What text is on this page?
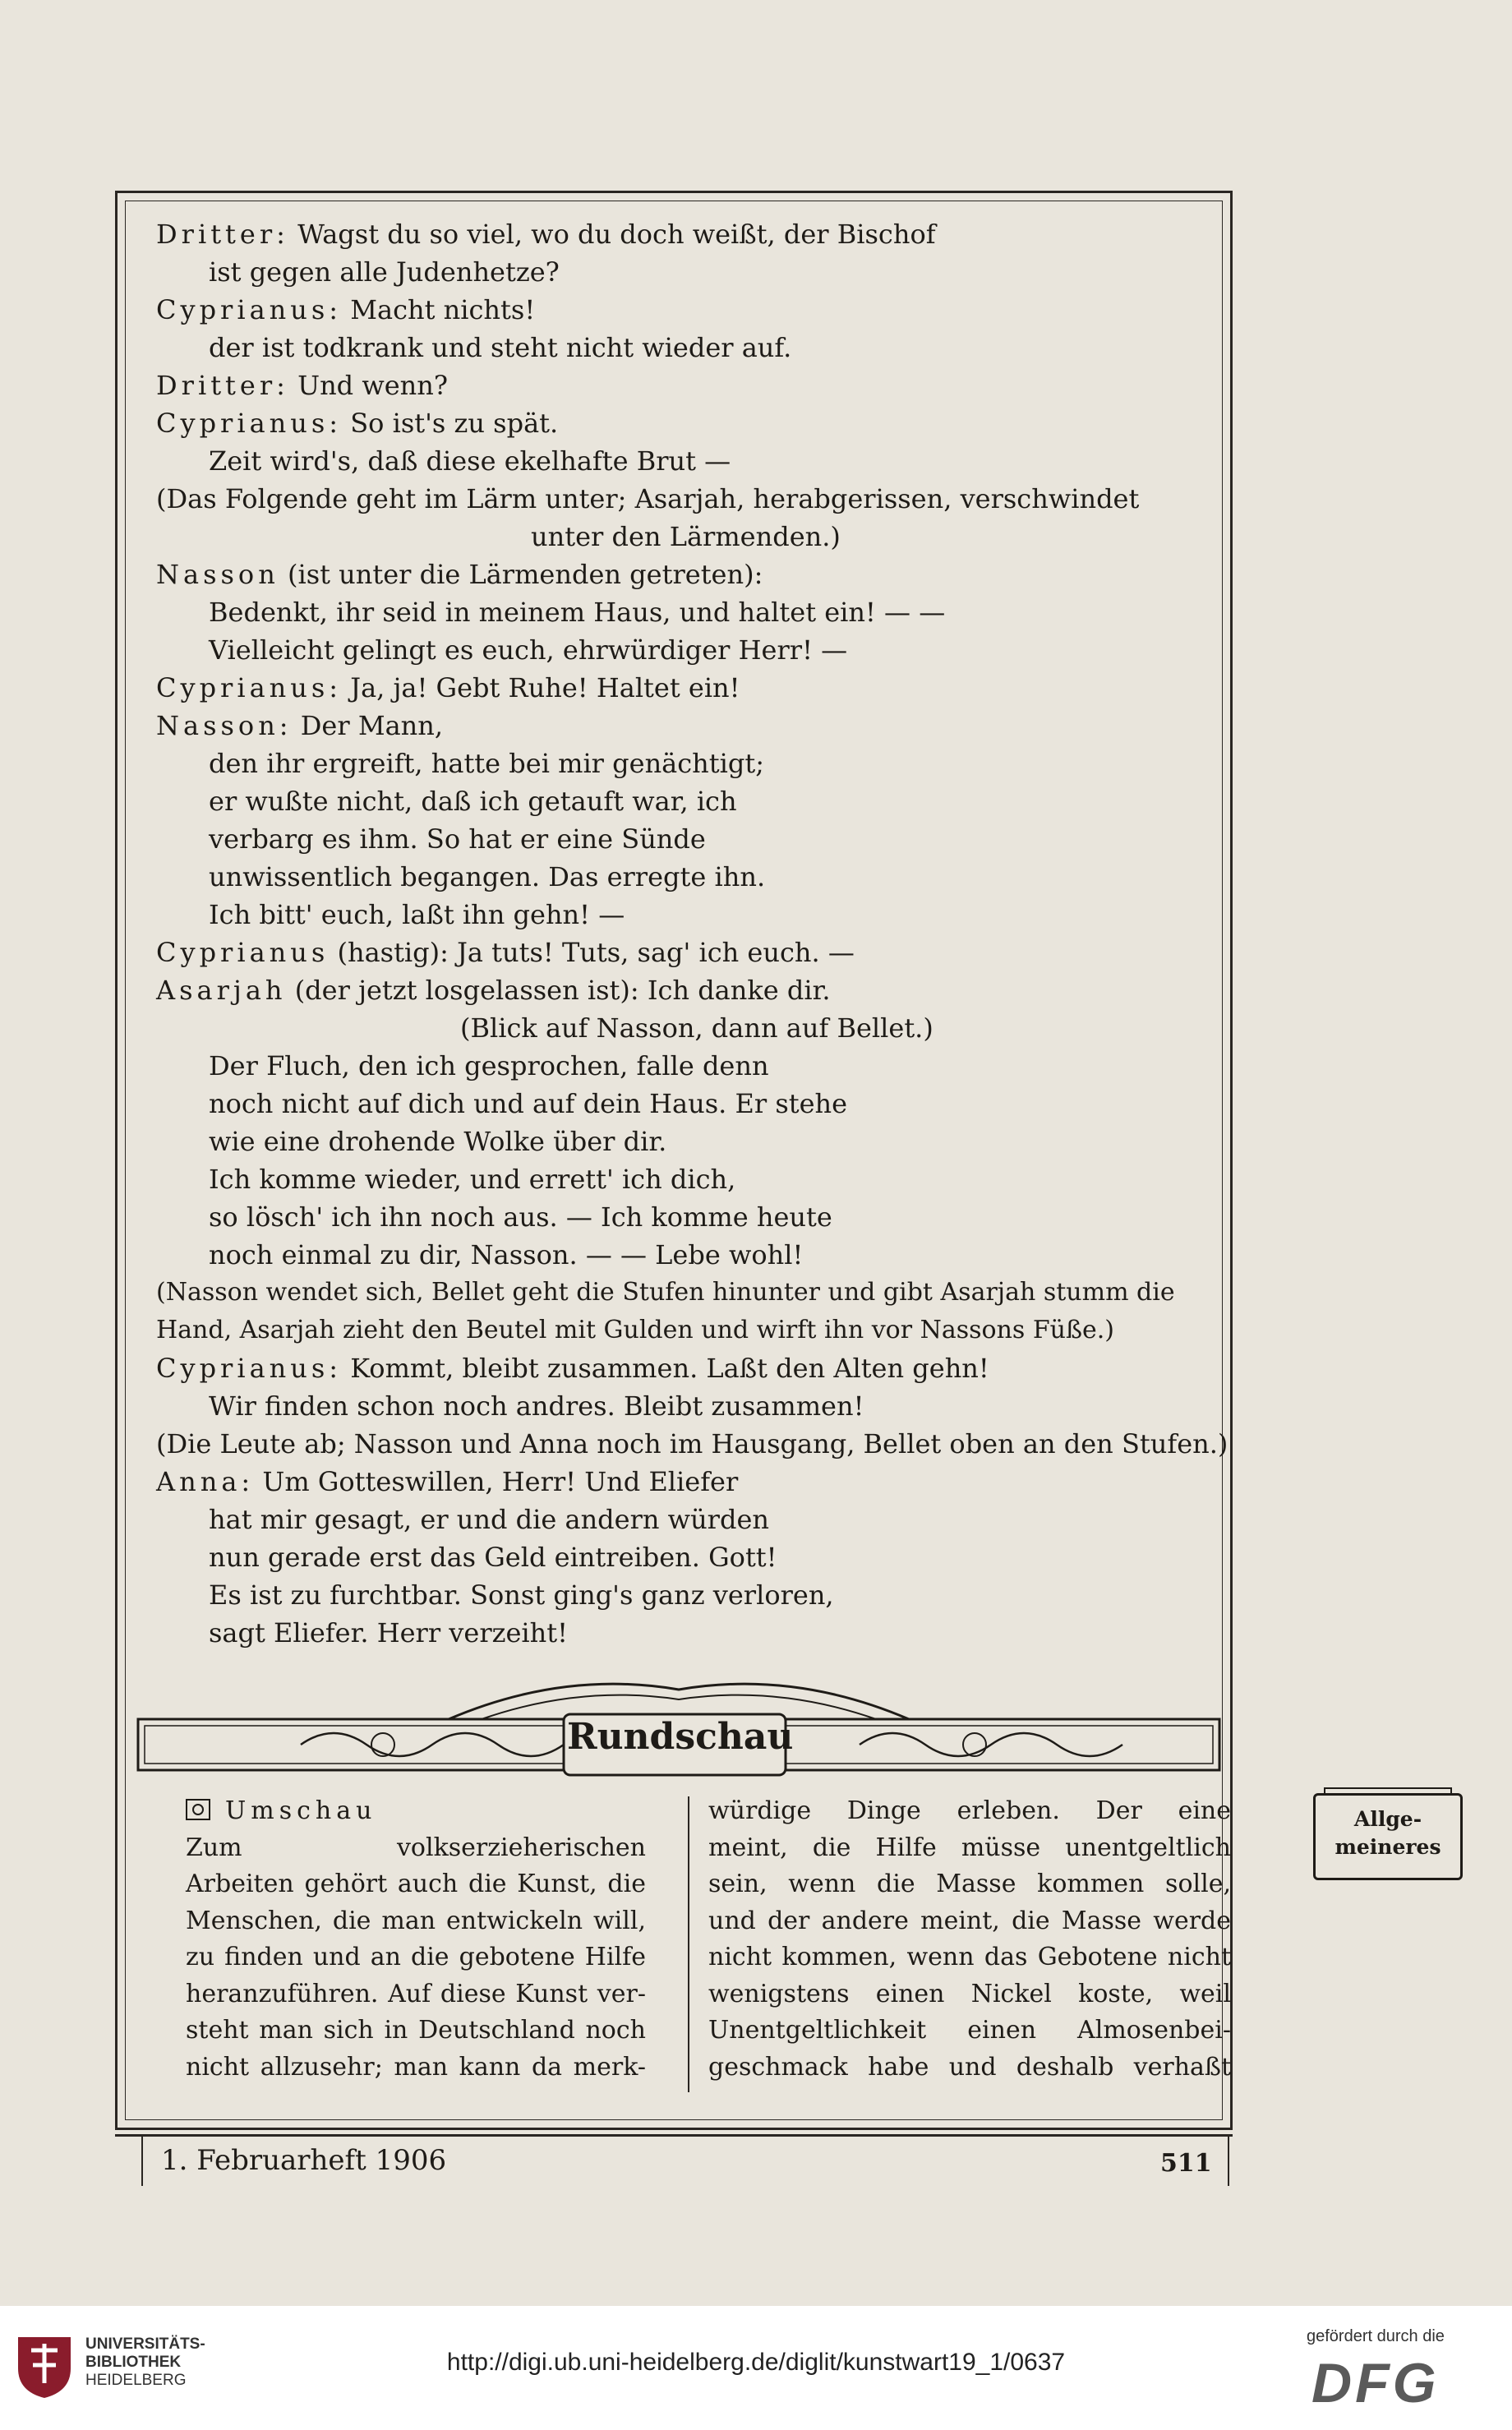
Dritter: Wagst du so viel, wo du doch weißt, der Bischof
ist gegen alle Judenhetze?
Cyprianus: Macht nichts!
der ist todkrank und steht nicht wieder auf.
Dritter: Und wenn?
Cyprianus: So ist's zu spät.
Zeit wird's, daß diese ekelhafte Brut —
(Das Folgende geht im Lärm unter; Asarjah, herabgerissen, verschwindet
unter den Lärmenden.)
Nasson (ist unter die Lärmenden getreten):
Bedenkt, ihr seid in meinem Haus, und haltet ein! — —
Vielleicht gelingt es euch, ehrwürdiger Herr! —
Cyprianus: Ja, ja! Gebt Ruhe! Haltet ein!
Nasson: Der Mann,
den ihr ergreift, hatte bei mir genächtigt;
er wußte nicht, daß ich getauft war, ich
verbarg es ihm. So hat er eine Sünde
unwissentlich begangen. Das erregte ihn.
Ich bitt' euch, laßt ihn gehn! —
Cyprianus (hastig): Ja tuts! Tuts, sag' ich euch. —
Asarjah (der jetzt losgelassen ist): Ich danke dir.
(Blick auf Nasson, dann auf Bellet.)
Der Fluch, den ich gesprochen, falle denn
noch nicht auf dich und auf dein Haus. Er stehe
wie eine drohende Wolke über dir.
Ich komme wieder, und errett' ich dich,
so lösch' ich ihn noch aus. — Ich komme heute
noch einmal zu dir, Nasson. — — Lebe wohl!
(Nasson wendet sich, Bellet geht die Stufen hinunter und gibt Asarjah stumm die
Hand, Asarjah zieht den Beutel mit Gulden und wirft ihn vor Nassons Füße.)
Cyprianus: Kommt, bleibt zusammen. Laßt den Alten gehn!
Wir finden schon noch andres. Bleibt zusammen!
(Die Leute ab; Nasson und Anna noch im Hausgang, Bellet oben an den Stufen.)
Anna: Um Gotteswillen, Herr! Und Eliefer
hat mir gesagt, er und die andern würden
nun gerade erst das Geld eintreiben. Gott!
Es ist zu furchtbar. Sonst ging's ganz verloren,
sagt Eliefer. Herr verzeiht!
Rundschau
Umschau
Zum volkserzieherischen
Arbeiten gehört auch die Kunst, die
Menschen, die man entwickeln will,
zu finden und an die gebotene Hilfe
heranzuführen. Auf diese Kunst ver-
steht man sich in Deutschland noch
nicht allzusehr; man kann da merk-
würdige Dinge erleben. Der eine
meint, die Hilfe müsse unentgeltlich
sein, wenn die Masse kommen solle,
und der andere meint, die Masse werde
nicht kommen, wenn das Gebotene nicht
wenigstens einen Nickel koste, weil
Unentgeltlichkeit einen Almosenbei-
geschmack habe und deshalb verhaßt
Allge-
meineres
1. Februarheft 1906	511
UNIVERSITÄTS-
BIBLIOTHEK
HEIDELBERG
http://digi.ub.uni-heidelberg.de/diglit/kunstwart19_1/0637
gefördert durch die
DFG
